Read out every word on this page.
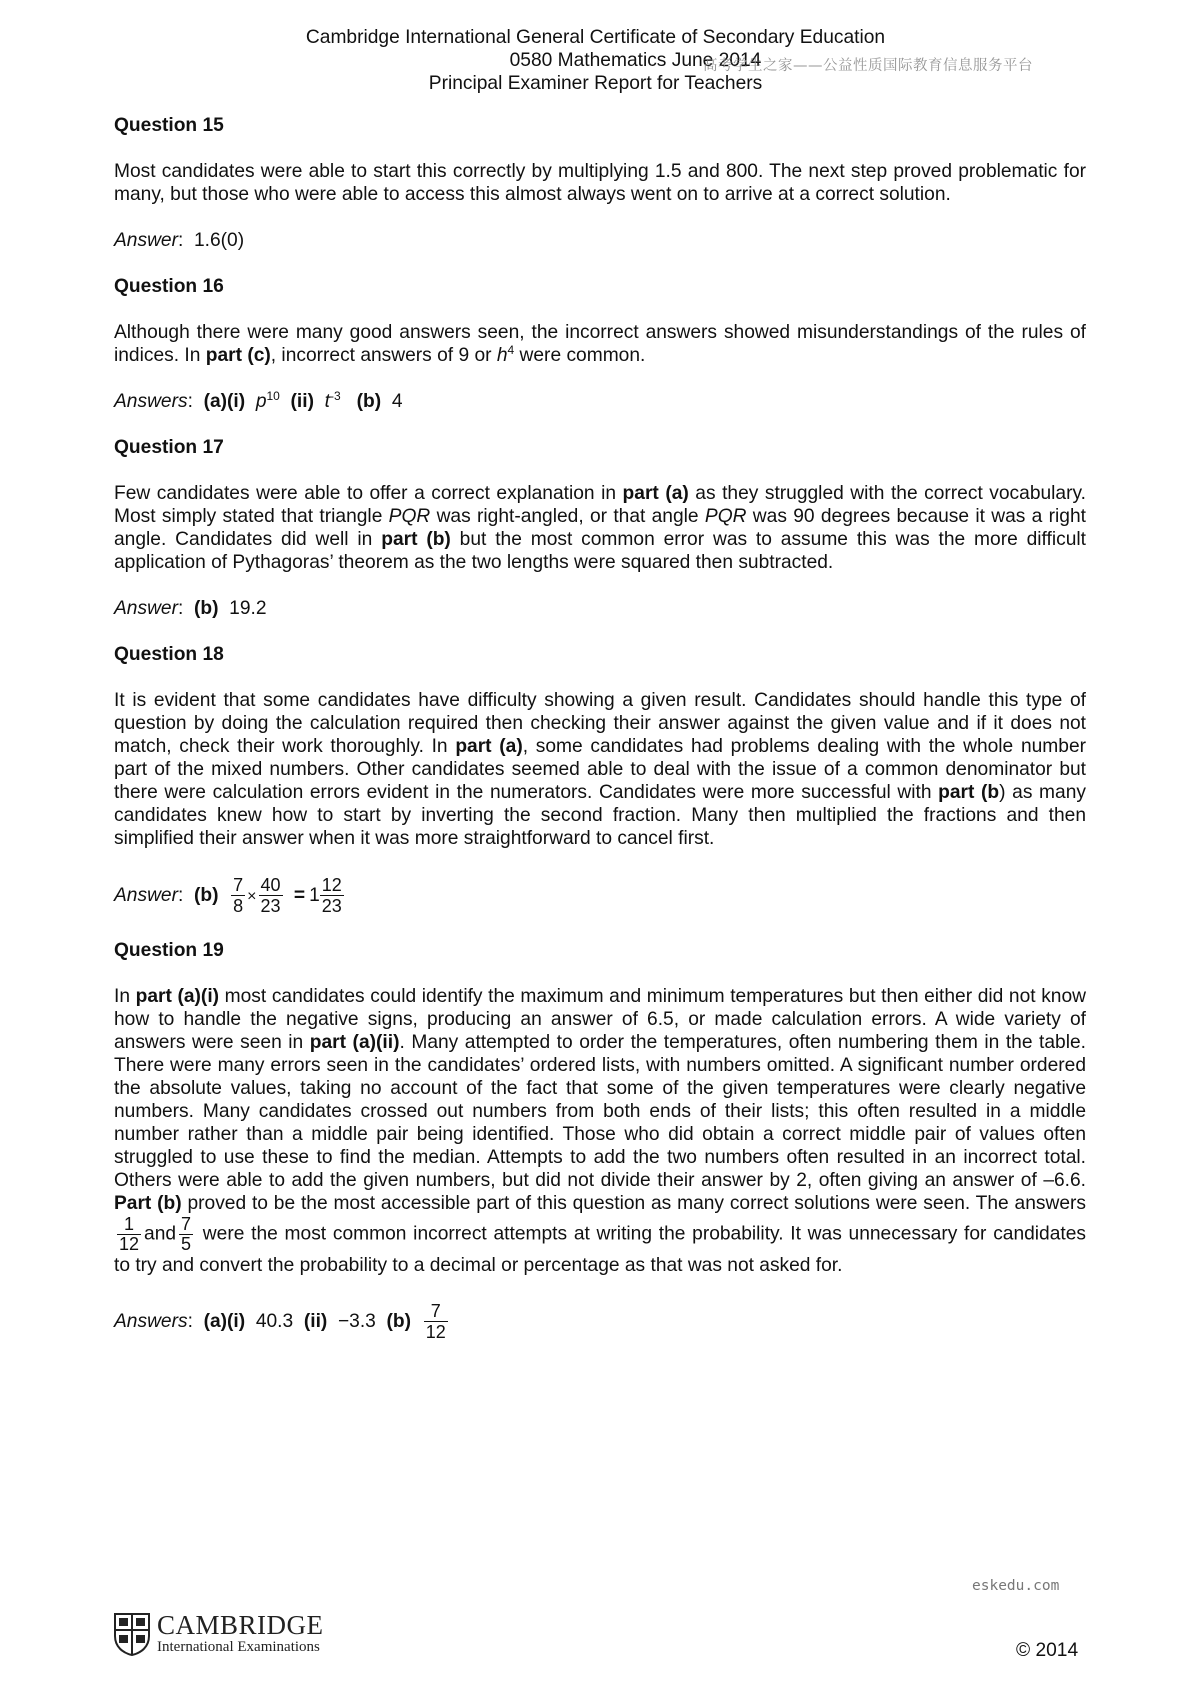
Cambridge International General Certificate of Secondary Education
0580 Mathematics June 2014
Principal Examiner Report for Teachers
高考学生之家——公益性质国际教育信息服务平台

Question 15

Most candidates were able to start this correctly by multiplying 1.5 and 800. The next step proved problematic for many, but those who were able to access this almost always went on to arrive at a correct solution.

Answer:  1.6(0)

Question 16

Although there were many good answers seen, the incorrect answers showed misunderstandings of the rules of indices. In part (c), incorrect answers of 9 or $h^4$ were common.

Answers:  (a)(i) $p^{10}$ (ii) $t^{-3}$ (b) 4

Question 17

Few candidates were able to offer a correct explanation in part (a) as they struggled with the correct vocabulary. Most simply stated that triangle PQR was right-angled, or that angle PQR was 90 degrees because it was a right angle. Candidates did well in part (b) but the most common error was to assume this was the more difficult application of Pythagoras’ theorem as the two lengths were squared then subtracted.

Answer:  (b) 19.2

Question 18

It is evident that some candidates have difficulty showing a given result. Candidates should handle this type of question by doing the calculation required then checking their answer against the given value and if it does not match, check their work thoroughly. In part (a), some candidates had problems dealing with the whole number part of the mixed numbers. Other candidates seemed able to deal with the issue of a common denominator but there were calculation errors evident in the numerators. Candidates were more successful with part (b) as many candidates knew how to start by inverting the second fraction. Many then multiplied the fractions and then simplified their answer when it was more straightforward to cancel first.

Answer:  $(b) \frac{7}{8} \times \frac{40}{23} = 1 \frac{12}{23}$

Question 19

In part (a)(i) most candidates could identify the maximum and minimum temperatures but then either did not know how to handle the negative signs, producing an answer of 6.5, or made calculation errors. A wide variety of answers were seen in part (a)(ii). Many attempted to order the temperatures, often numbering them in the table. There were many errors seen in the candidates’ ordered lists, with numbers omitted. A significant number ordered the absolute values, taking no account of the fact that some of the given temperatures were clearly negative numbers. Many candidates crossed out numbers from both ends of their lists; this often resulted in a middle number rather than a middle pair being identified. Those who did obtain a correct middle pair of values often struggled to use these to find the median. Attempts to add the two numbers often resulted in an incorrect total. Others were able to add the given numbers, but did not divide their answer by 2, often giving an answer of –6.6. Part (b) proved to be the most accessible part of this question as many correct solutions were seen. The answers
$\frac{1}{12}$ and $\frac{7}{5}$ were the most common incorrect attempts at writing the probability. It was unnecessary for candidates to try and convert the probability to a decimal or percentage as that was not asked for.

Answers:  (a)(i) 40.3 (ii) −3.3 $(b) \frac{7}{12}$

eskedu.com
CAMBRIDGE
International Examinations	© 2014
